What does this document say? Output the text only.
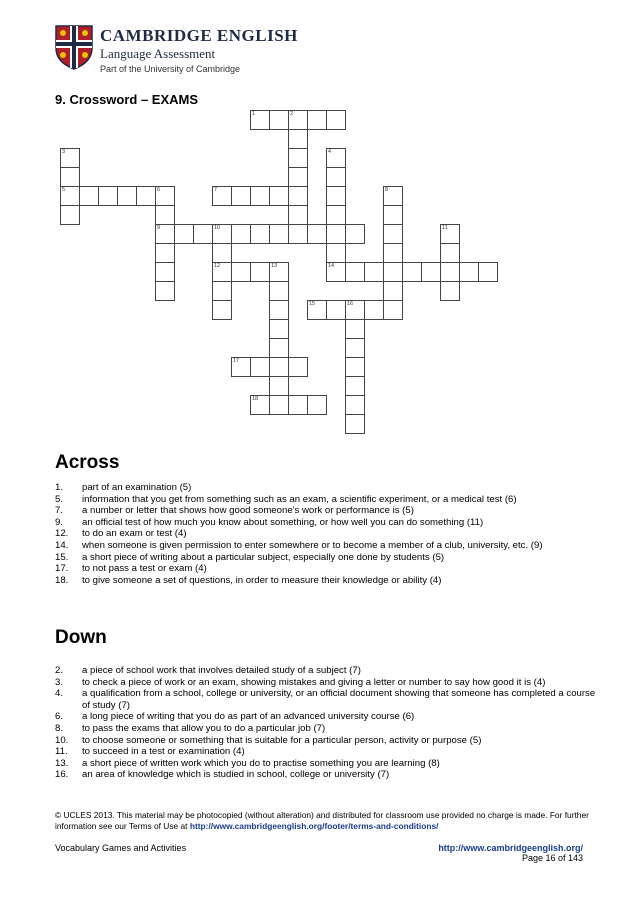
CAMBRIDGE ENGLISH
Language Assessment
Part of the University of Cambridge
9. Crossword – EXAMS
1	2
3	4
5	6	7	8
9	10	11
12	13	14
15	16
17
18
Across
1.	part of an examination (5)
5.	information that you get from something such as an exam, a scientific experiment, or a medical test (6)
7.	a number or letter that shows how good someone's work or performance is (5)
9.	an official test of how much you know about something, or how well you can do something (11)
12.	to do an exam or test (4)
14.	when someone is given permission to enter somewhere or to become a member of a club, university, etc. (9)
15.	a short piece of writing about a particular subject, especially one done by students (5)
17.	to not pass a test or exam (4)
18.	to give someone a set of questions, in order to measure their knowledge or ability (4)
Down
2.	a piece of school work that involves detailed study of a subject (7)
3.	to check a piece of work or an exam, showing mistakes and giving a letter or number to say how good it is (4)
4.	a qualification from a school, college or university, or an official document showing that someone has completed a course of study (7)
6.	a long piece of writing that you do as part of an advanced university course (6)
8.	to pass the exams that allow you to do a particular job (7)
10.	to choose someone or something that is suitable for a particular person, activity or purpose (5)
11.	to succeed in a test or examination (4)
13.	a short piece of written work which you do to practise something you are learning (8)
16.	an area of knowledge which is studied in school, college or university (7)
© UCLES 2013. This material may be photocopied (without alteration) and distributed for classroom use provided no charge is made. For further information see our Terms of Use at http://www.cambridgeenglish.org/footer/terms-and-conditions/
Vocabulary Games and Activities	http://www.cambridgeenglish.org/
Page 16 of 143
